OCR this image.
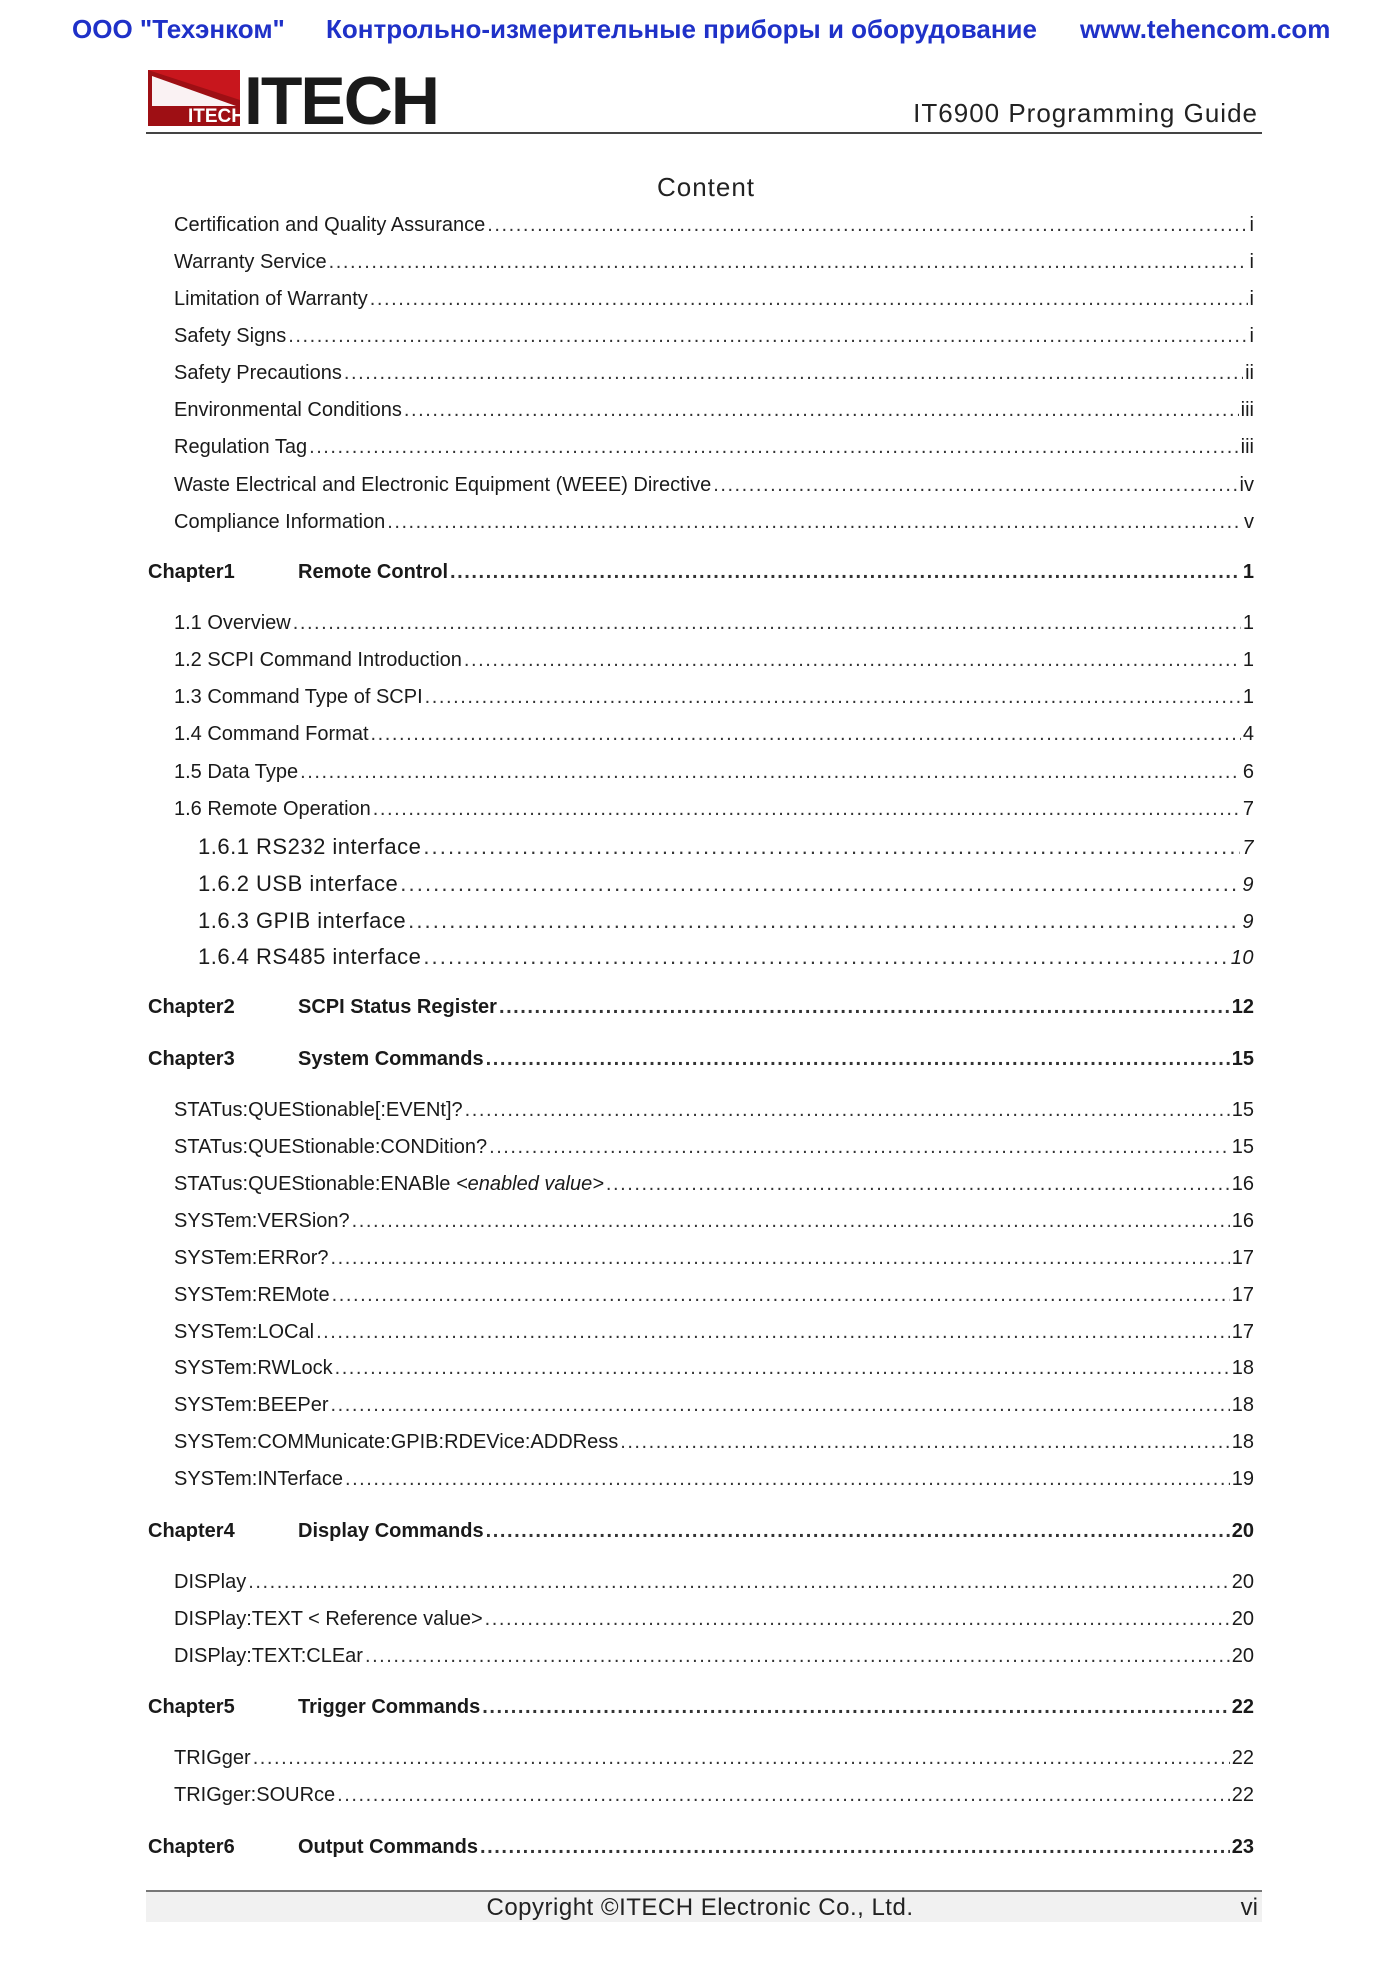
ООО "Техэнком" Контрольно-измерительные приборы и оборудование www.tehencom.com
ITECH ITECH	IT6900 Programming Guide
Content
Certification and Quality Assurance . . .	i
Warranty Service . . .	i
Limitation of Warranty . . .	i
Safety Signs . . .	i
Safety Precautions . . .	ii
Environmental Conditions . . .	iii
Regulation Tag . . .	iii
Waste Electrical and Electronic Equipment (WEEE) Directive . . .	iv
Compliance Information . . .	v
Chapter1	Remote Control . . .	1
1.1 Overview . . .	1
1.2 SCPI Command Introduction . . .	1
1.3 Command Type of SCPI . . .	1
1.4 Command Format . . .	4
1.5 Data Type . . .	6
1.6 Remote Operation . . .	7
1.6.1 RS232 interface . . .	7
1.6.2 USB interface . . .	9
1.6.3 GPIB interface . . .	9
1.6.4 RS485 interface . . .	10
Chapter2	SCPI Status Register . . .	12
Chapter3	System Commands . . .	15
STATus:QUEStionable[:EVENt]? . . .	15
STATus:QUEStionable:CONDition? . . .	15
STATus:QUEStionable:ENABle <enabled value> . . .	16
SYSTem:VERSion? . . .	16
SYSTem:ERRor? . . .	17
SYSTem:REMote . . .	17
SYSTem:LOCal . . .	17
SYSTem:RWLock . . .	18
SYSTem:BEEPer . . .	18
SYSTem:COMMunicate:GPIB:RDEVice:ADDRess . . .	18
SYSTem:INTerface . . .	19
Chapter4	Display Commands . . .	20
DISPlay . . .	20
DISPlay:TEXT < Reference value> . . .	20
DISPlay:TEXT:CLEar . . .	20
Chapter5	Trigger Commands . . .	22
TRIGger . . .	22
TRIGger:SOURce . . .	22
Chapter6	Output Commands . . .	23
Copyright ©ITECH Electronic Co., Ltd.	vi
